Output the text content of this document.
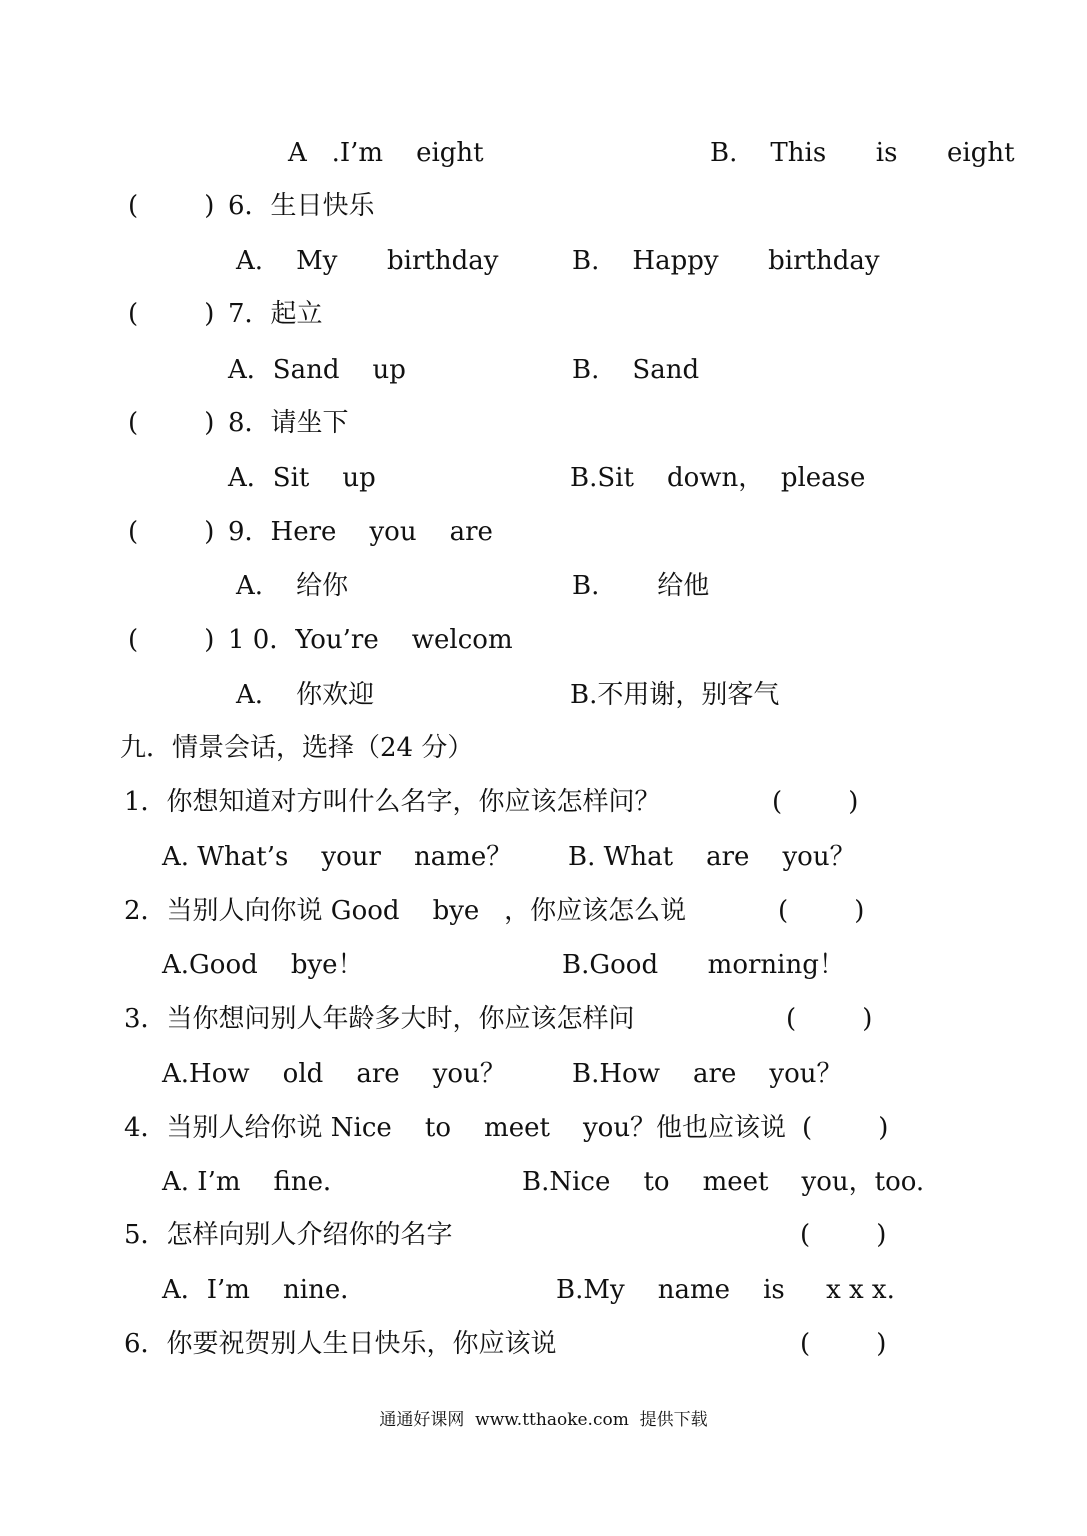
A   .I’m    eight	B.    This      is      eight
(        ) 6．生日快乐
A.    My      birthday	B.    Happy      birthday
(        ) 7．起立
A．Sand    up	B.    Sand
(        ) 8．请坐下
A．Sit    up	B.Sit    down，  please
(        ) 9．Here    you    are
A.    给你	B.       给他
(        ) 1 0．You’re    welcom
A.    你欢迎	B.不用谢，别客气
九．情景会话，选择（24 分）
1．你想知道对方叫什么名字，你应该怎样问？	(        )
A. What’s    your    name？ B. What    are    you？
2．当别人向你说 Good    bye   ，你应该怎么说	(        )
A.Good    bye！	B.Good      morning！
3．当你想问别人年龄多大时，你应该怎样问	(        )
A.How    old    are    you？	B.How    are    you？
4．当别人给你说 Nice    to    meet    you？他也应该说 (        )
A. I’m    fine．	B.Nice    to    meet    you，too.
5．怎样向别人介绍你的名字	(        )
A．I’m    nine．	B.My    name    is     x x x.
6．你要祝贺别人生日快乐，你应该说	(        )
通通好课网  www.tthaoke.com  提供下载
